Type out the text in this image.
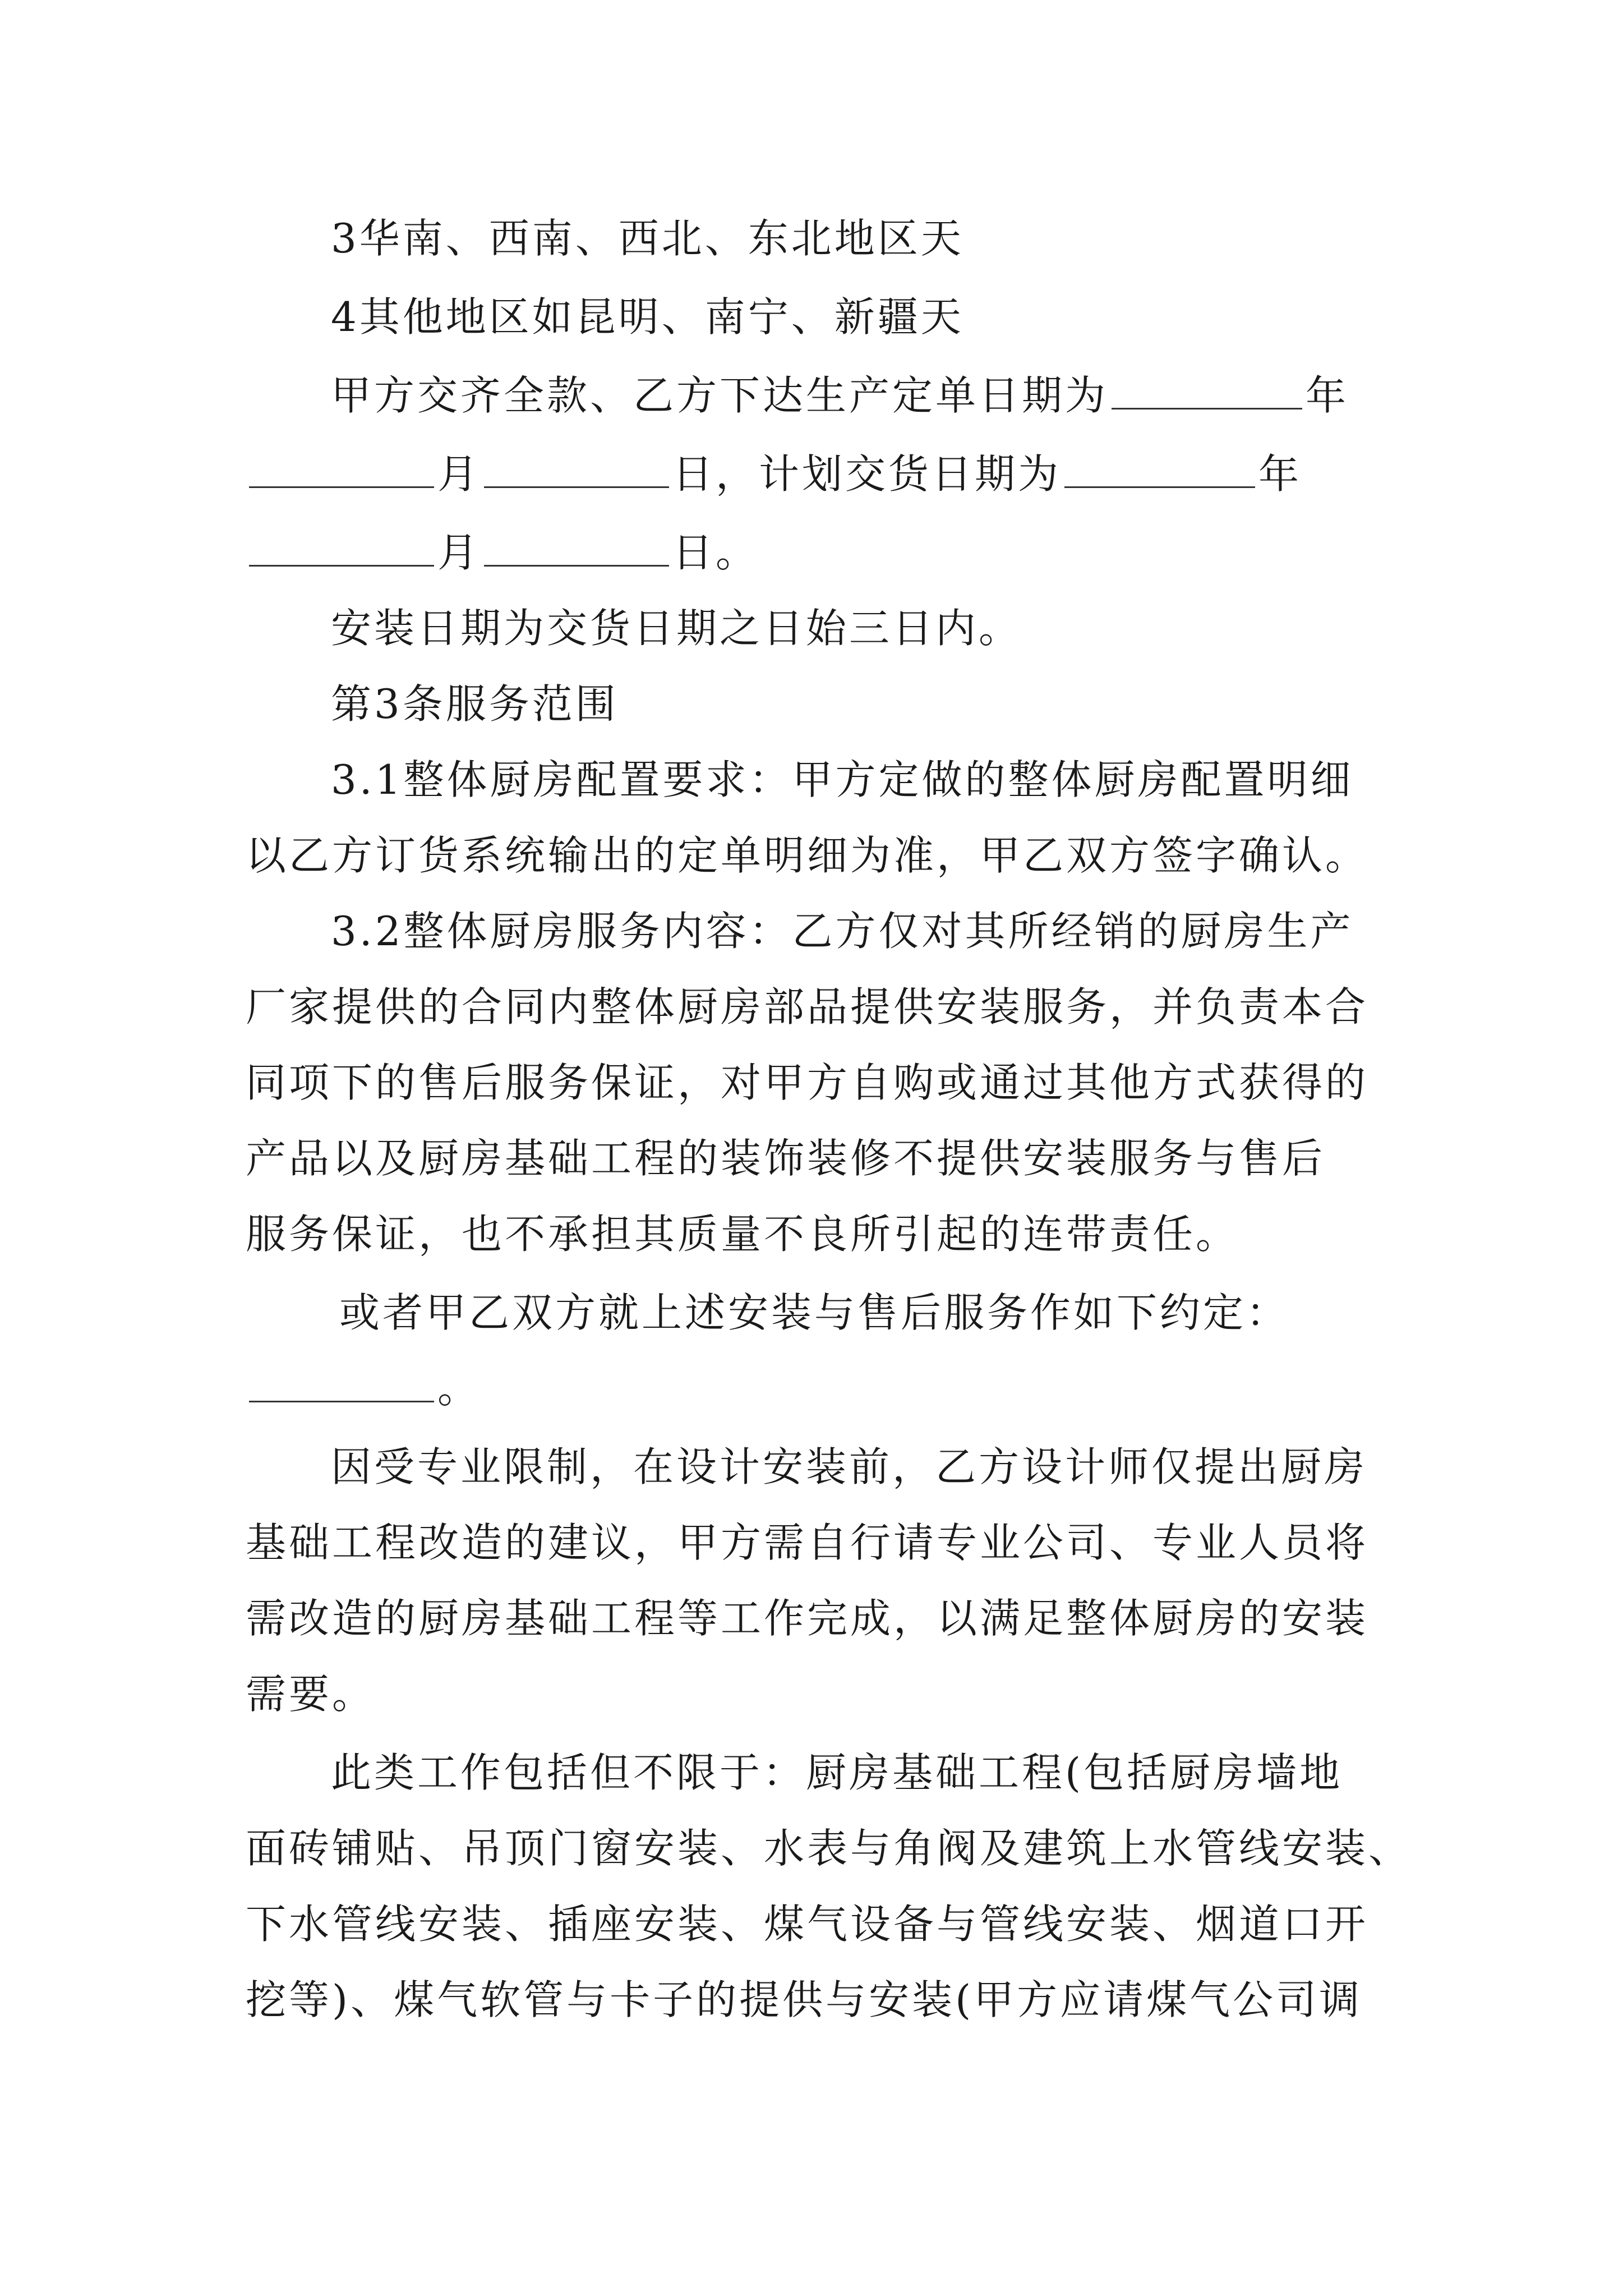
3华南、西南、西北、东北地区天
4其他地区如昆明、南宁、新疆天
甲方交齐全款、乙方下达生产定单日期为	年
月	日，计划交货日期为	年
月	日。
安装日期为交货日期之日始三日内。
第3条服务范围
3.1整体厨房配置要求：甲方定做的整体厨房配置明细
以乙方订货系统输出的定单明细为准，甲乙双方签字确认。
3.2整体厨房服务内容：乙方仅对其所经销的厨房生产
厂家提供的合同内整体厨房部品提供安装服务，并负责本合
同项下的售后服务保证，对甲方自购或通过其他方式获得的
产品以及厨房基础工程的装饰装修不提供安装服务与售后
服务保证，也不承担其质量不良所引起的连带责任。
或者甲乙双方就上述安装与售后服务作如下约定：
。
因受专业限制，在设计安装前，乙方设计师仅提出厨房
基础工程改造的建议，甲方需自行请专业公司、专业人员将
需改造的厨房基础工程等工作完成，以满足整体厨房的安装
需要。
此类工作包括但不限于：厨房基础工程(包括厨房墙地
面砖铺贴、吊顶门窗安装、水表与角阀及建筑上水管线安装、
下水管线安装、插座安装、煤气设备与管线安装、烟道口开
挖等)、煤气软管与卡子的提供与安装(甲方应请煤气公司调
